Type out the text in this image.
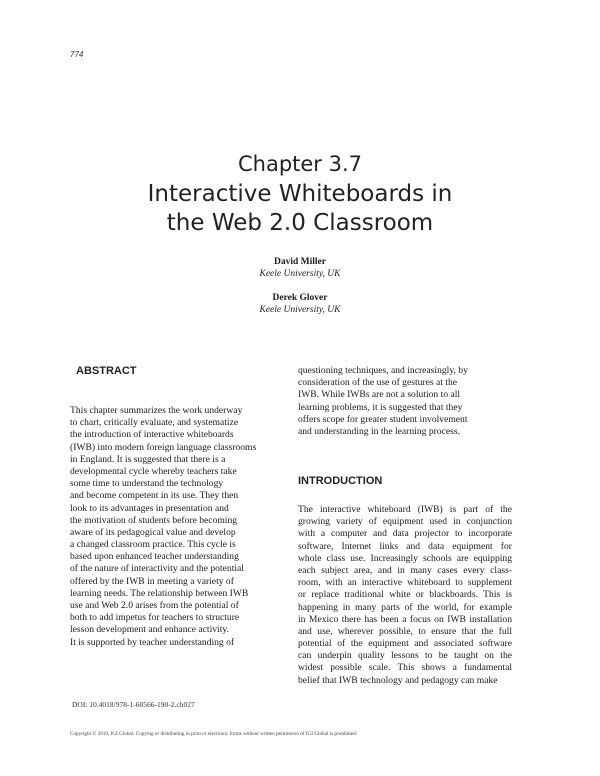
774
Chapter 3.7
Interactive Whiteboards in
the Web 2.0 Classroom
David Miller
Keele University, UK
Derek Glover
Keele University, UK
ABSTRACT
This chapter summarizes the work underway
to chart, critically evaluate, and systematize
the introduction of interactive whiteboards
(IWB) into modern foreign language classrooms
in England. It is suggested that there is a
developmental cycle whereby teachers take
some time to understand the technology
and become competent in its use. They then
look to its advantages in presentation and
the motivation of students before becoming
aware of its pedagogical value and develop
a changed classroom practice. This cycle is
based upon enhanced teacher understanding
of the nature of interactivity and the potential
offered by the IWB in meeting a variety of
learning needs. The relationship between IWB
use and Web 2.0 arises from the potential of
both to add impetus for teachers to structure
lesson development and enhance activity.
It is supported by teacher understanding of
questioning techniques, and increasingly, by
consideration of the use of gestures at the
IWB. While IWBs are not a solution to all
learning problems, it is suggested that they
offers scope for greater student involvement
and understanding in the learning process.
INTRODUCTION
The interactive whiteboard (IWB) is part of the
growing variety of equipment used in conjunction
with a computer and data projector to incorporate
software, Internet links and data equipment for
whole class use. Increasingly schools are equipping
each subject area, and in many cases every class-
room, with an interactive whiteboard to supplement
or replace traditional white or blackboards. This is
happening in many parts of the world, for example
in Mexico there has been a focus on IWB installation
and use, wherever possible, to ensure that the full
potential of the equipment and associated software
can underpin quality lessons to be taught on the
widest possible scale. This shows a fundamental
belief that IWB technology and pedagogy can make
DOI: 10.4018/978-1-60566-190-2.ch027
Copyright © 2010, IGI Global. Copying or distributing in print or electronic forms without written permission of IGI Global is prohibited.
